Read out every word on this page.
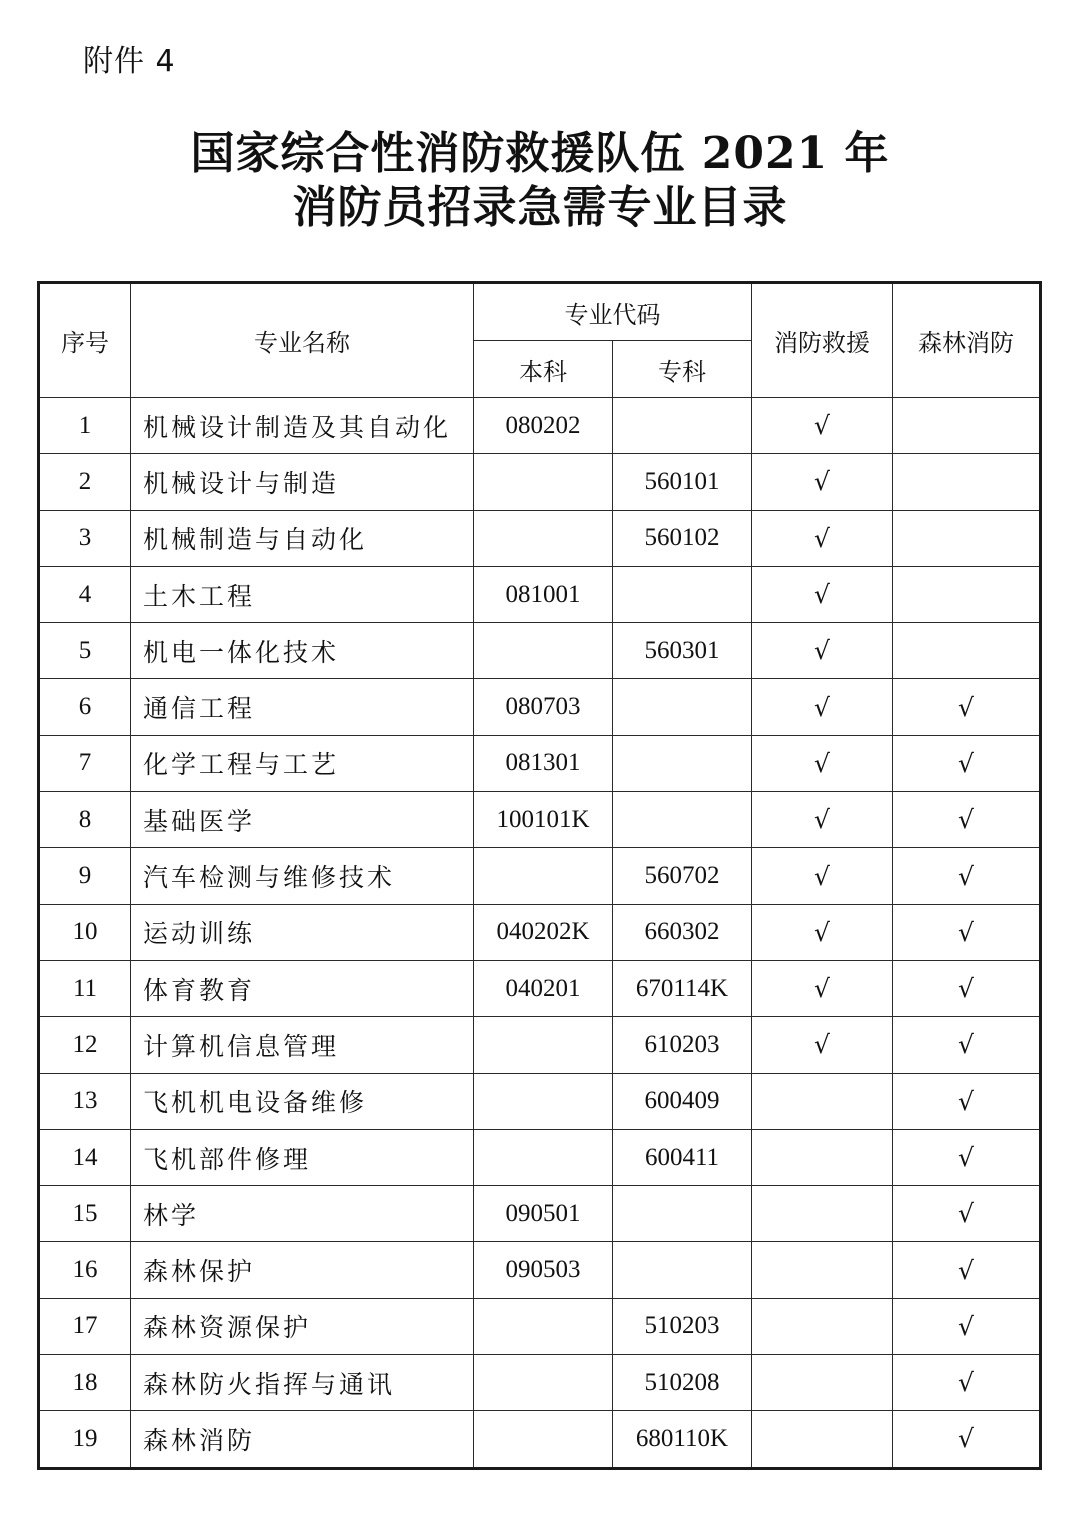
附件 4
国家综合性消防救援队伍 2021 年
消防员招录急需专业目录
序号	专业名称	专业代码		消防救援	森林消防
		本科	专科		
1	机械设计制造及其自动化	080202		√	
2	机械设计与制造		560101	√	
3	机械制造与自动化		560102	√	
4	土木工程	081001		√	
5	机电一体化技术		560301	√	
6	通信工程	080703		√	√
7	化学工程与工艺	081301		√	√
8	基础医学	100101K		√	√
9	汽车检测与维修技术		560702	√	√
10	运动训练	040202K	660302	√	√
11	体育教育	040201	670114K	√	√
12	计算机信息管理		610203	√	√
13	飞机机电设备维修		600409		√
14	飞机部件修理		600411		√
15	林学	090501			√
16	森林保护	090503			√
17	森林资源保护		510203		√
18	森林防火指挥与通讯		510208		√
19	森林消防		680110K		√
